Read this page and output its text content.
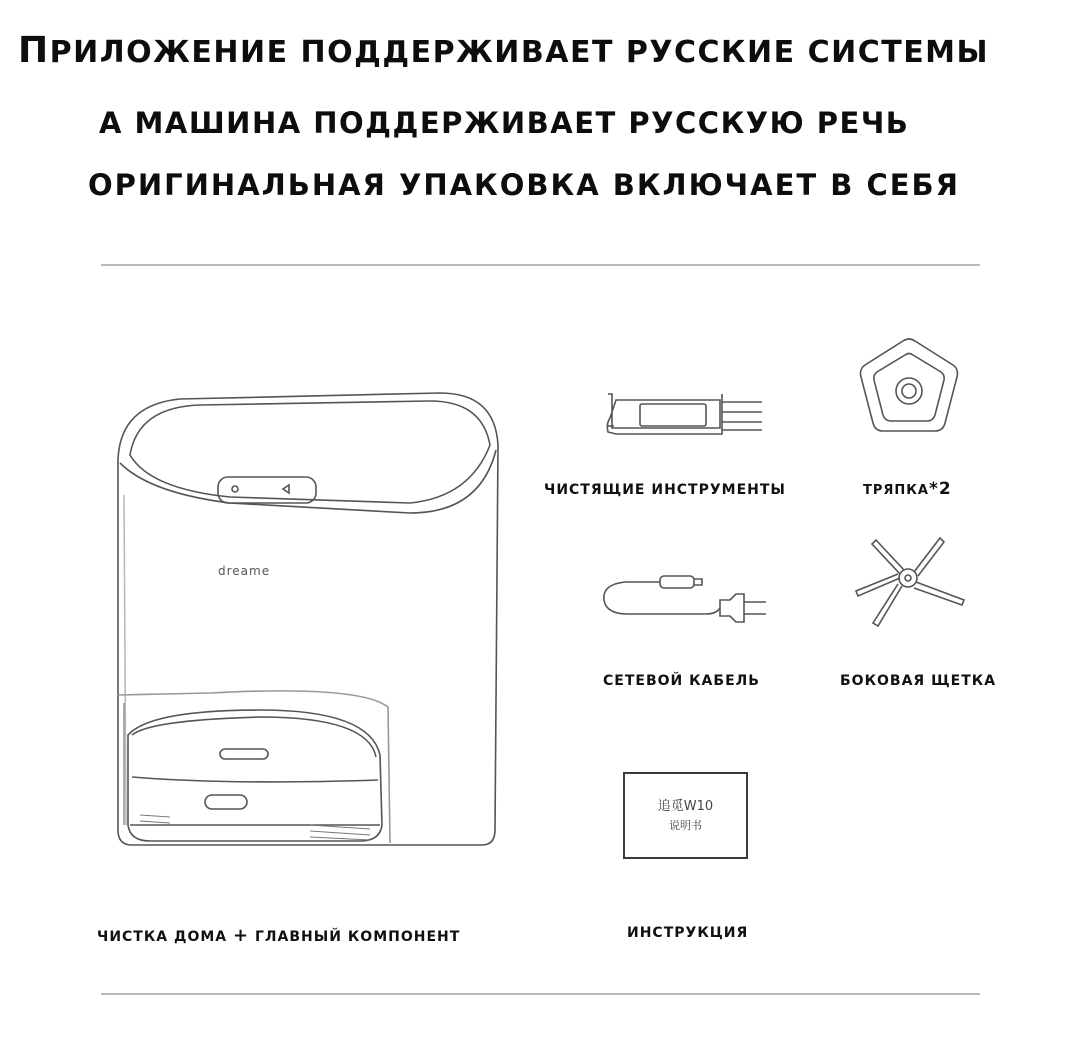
ПРИЛОЖЕНИЕ ПОДДЕРЖИВАЕТ РУССКИЕ СИСТЕМЫ
А МАШИНА ПОДДЕРЖИВАЕТ РУССКУЮ РЕЧЬ
ОРИГИНАЛЬНАЯ УПАКОВКА ВКЛЮЧАЕТ В СЕБЯ
dreame
追觅W10
说明书
ЧИСТЯЩИЕ ИНСТРУМЕНТЫ	ТРЯПКА*2
СЕТЕВОЙ КАБЕЛЬ	БОКОВАЯ ЩЕТКА
ЧИСТКА ДОМА + ГЛАВНЫЙ КОМПОНЕНТ	ИНСТРУКЦИЯ
